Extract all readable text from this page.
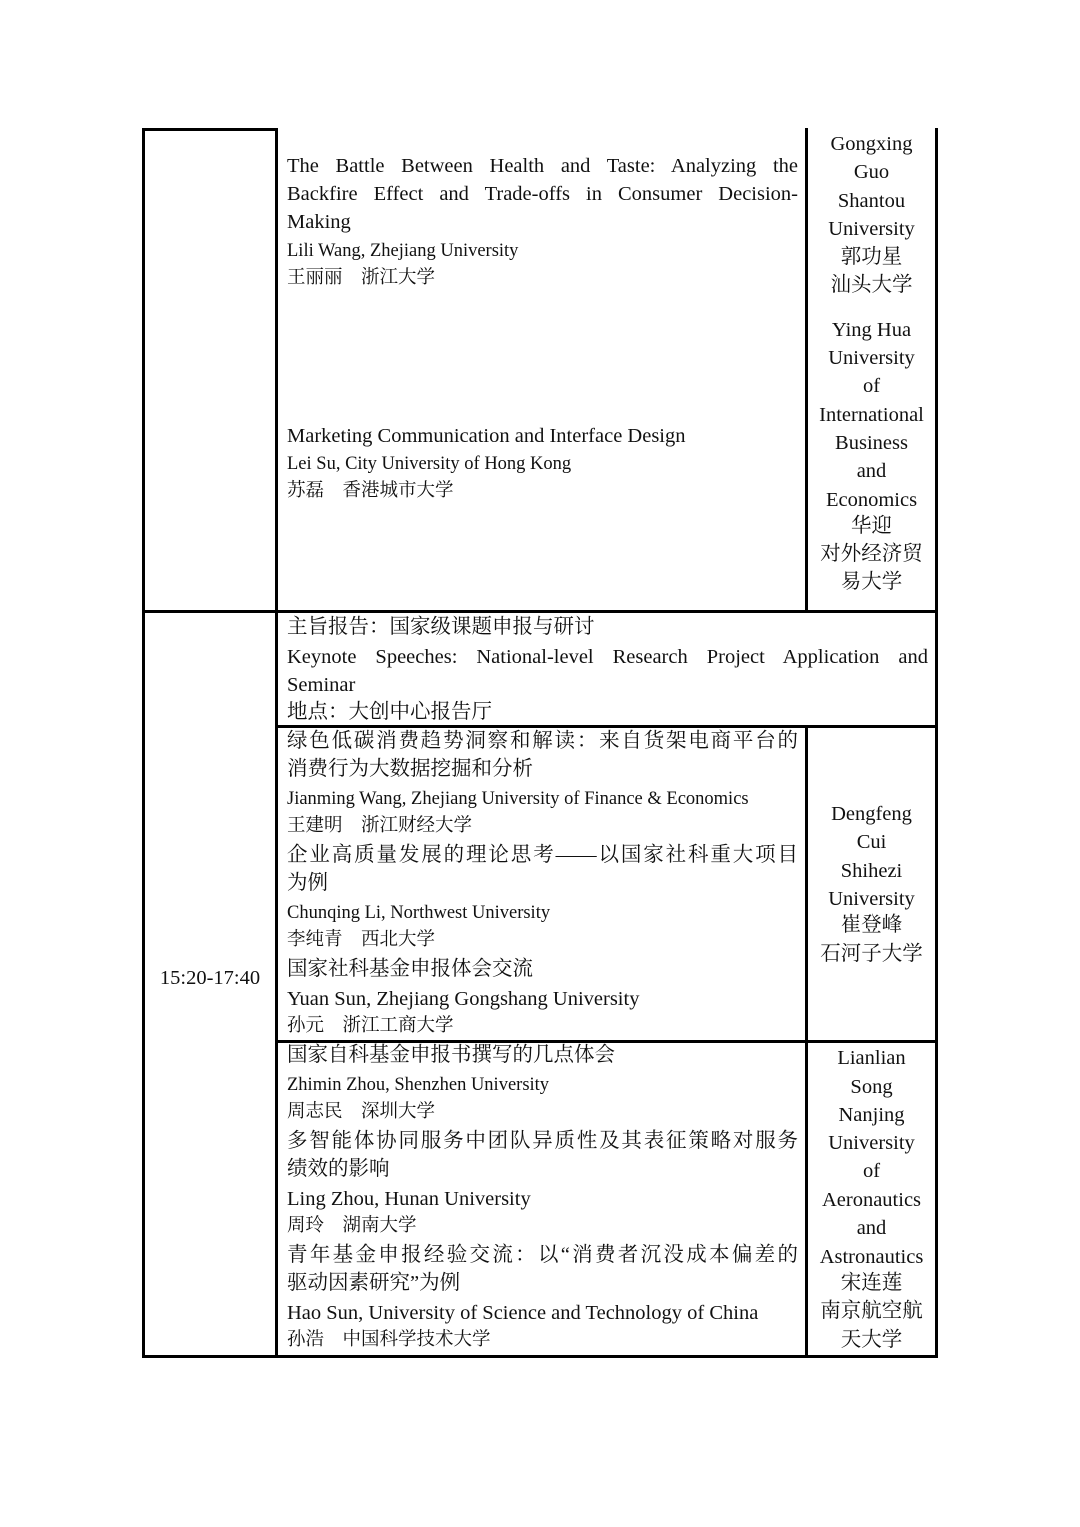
The Battle Between Health and Taste: Analyzing the
Backfire Effect and Trade-offs in Consumer Decision-
Making
Lili Wang, Zhejiang University
王丽丽　浙江大学
Marketing Communication and Interface Design
Lei Su, City University of Hong Kong
苏磊　香港城市大学
Gongxing
Guo
Shantou
University
郭功星
汕头大学
Ying Hua
University
of
International
Business
and
Economics
华迎
对外经济贸
易大学
15:20-17:40
主旨报告：国家级课题申报与研讨
Keynote Speeches: National-level Research Project Application and
Seminar
地点：大创中心报告厅
绿色低碳消费趋势洞察和解读：来自货架电商平台的
消费行为大数据挖掘和分析
Jianming Wang, Zhejiang University of Finance & Economics
王建明　浙江财经大学
企业高质量发展的理论思考——以国家社科重大项目
为例
Chunqing Li, Northwest University
李纯青　西北大学
国家社科基金申报体会交流
Yuan Sun, Zhejiang Gongshang University
孙元　浙江工商大学
Dengfeng
Cui
Shihezi
University
崔登峰
石河子大学
国家自科基金申报书撰写的几点体会
Zhimin Zhou, Shenzhen University
周志民　深圳大学
多智能体协同服务中团队异质性及其表征策略对服务
绩效的影响
Ling Zhou, Hunan University
周玲　湖南大学
青年基金申报经验交流：以“消费者沉没成本偏差的
驱动因素研究”为例
Hao Sun, University of Science and Technology of China
孙浩　中国科学技术大学
Lianlian
Song
Nanjing
University
of
Aeronautics
and
Astronautics
宋连莲
南京航空航
天大学
